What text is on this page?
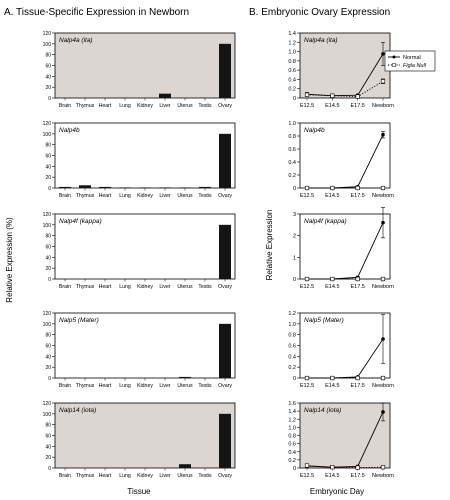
A. Tissue-Specific Expression in Newborn	B. Embryonic Ovary Expression
Relative Expression (%)
Tissue
Relative Expression
Embryonic Day
0
20
40
60
80
100
120
Brain Thymus Heart Lung Kidney Liver Uterus Testis Ovary
Nalp4a (ita)
0
20
40
60
80
100
120
Brain Thymus Heart Lung Kidney Liver Uterus Testis Ovary
Nalp4b
0
20
40
60
80
100
120
Brain Thymus Heart Lung Kidney Liver Uterus Testis Ovary
Nalp4f (kappa)
0
20
40
60
80
100
120
Brain Thymus Heart Lung Kidney Liver Uterus Testis Ovary
Nalp5 (Mater)
0
20
40
60
80
100
120
Brain Thymus Heart Lung Kidney Liver Uterus Testis Ovary
Nalp14 (iota)
0
0.2
0.4
0.6
0.8
1.0
1.2
1.4
E12.5 E14.5 E17.5 Newborn
Nalp4a (ita)
Normal
Figla Null
0
0.2
0.4
0.6
0.8
1.0
E12.5 E14.5 E17.5 Newborn
Nalp4b
0
1
2
3
E12.5 E14.5 E17.5 Newborn
Nalp4f (kappa)
0
0.2
0.4
0.6
0.8
1.0
1.2
E12.5 E14.5 E17.5 Newborn
Nalp5 (Mater)
0
0.2
0.4
0.6
0.8
1.0
1.2
1.4
1.6
E12.5 E14.5 E17.5 Newborn
Nalp14 (iota)
